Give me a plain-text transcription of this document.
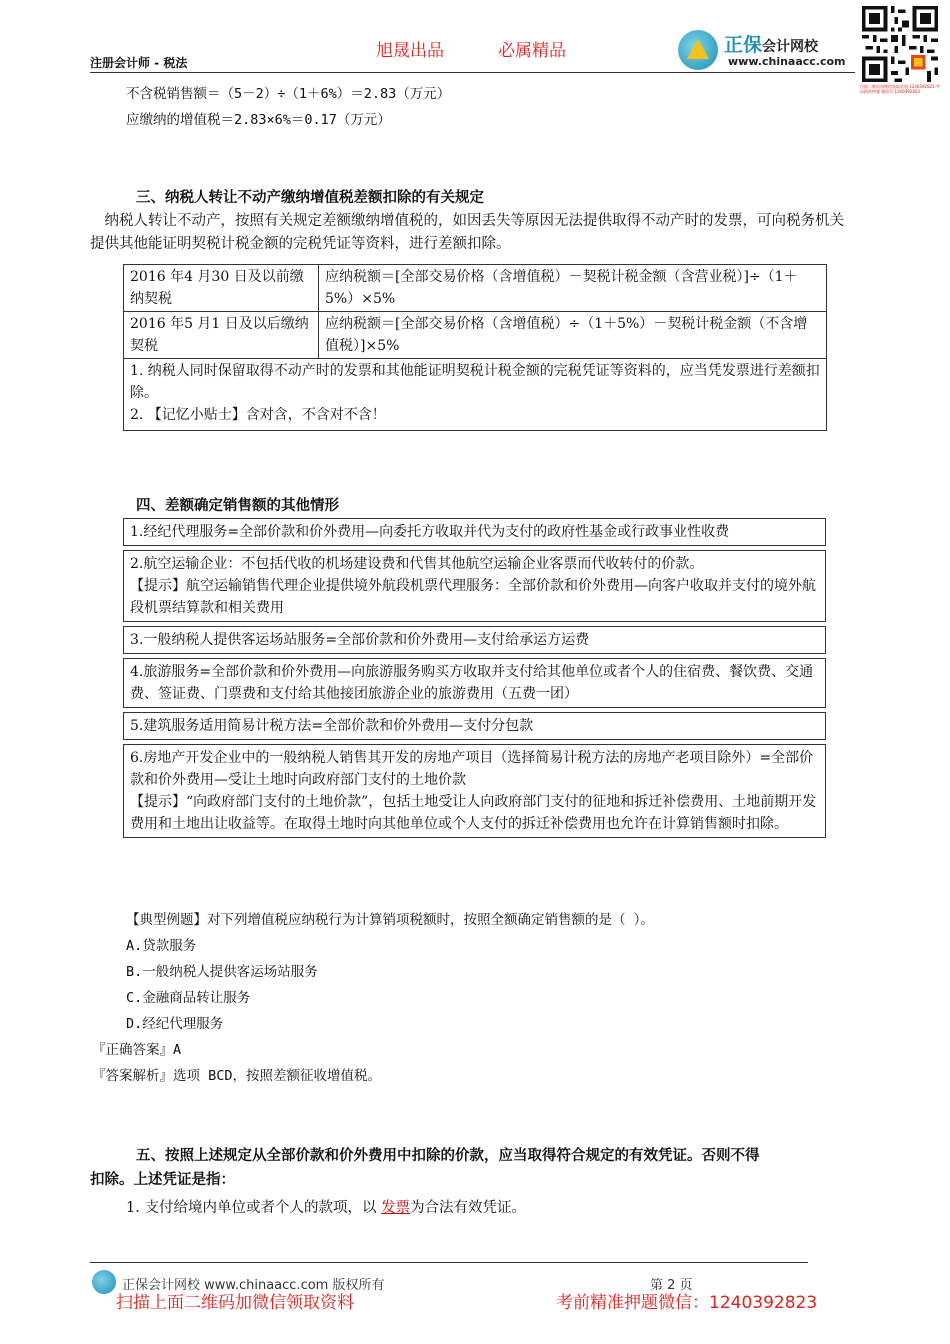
旭晟出品	必属精品
注册会计师 - 税法
正保会计网校
www.chinaacc.com
扫描二维码加微信领取资料 1240392823 考前精准押题 微信号 1240392823
不含税销售额＝（5－2）÷（1＋6%）＝2.83（万元）
应缴纳的增值税＝2.83×6%＝0.17（万元）
三、纳税人转让不动产缴纳增值税差额扣除的有关规定
纳税人转让不动产，按照有关规定差额缴纳增值税的，如因丢失等原因无法提供取得不动产时的发票，可向税务机关提供其他能证明契税计税金额的完税凭证等资料，进行差额扣除。
2016 年4 月30 日及以前缴纳契税	应纳税额＝[全部交易价格（含增值税）－契税计税金额（含营业税）]÷（1＋5%）×5%
2016 年5 月1 日及以后缴纳契税	应纳税额＝[全部交易价格（含增值税）÷（1＋5%）－契税计税金额（不含增值税）]×5%

1. 纳税人同时保留取得不动产时的发票和其他能证明契税计税金额的完税凭证等资料的，应当凭发票进行差额扣除。
2. 【记忆小贴士】含对含，不含对不含！	
四、差额确定销售额的其他情形
1.经纪代理服务=全部价款和价外费用—向委托方收取并代为支付的政府性基金或行政事业性收费
2.航空运输企业：不包括代收的机场建设费和代售其他航空运输企业客票而代收转付的价款。
【提示】航空运输销售代理企业提供境外航段机票代理服务：全部价款和价外费用—向客户收取并支付的境外航段机票结算款和相关费用
3.一般纳税人提供客运场站服务=全部价款和价外费用—支付给承运方运费
4.旅游服务=全部价款和价外费用—向旅游服务购买方收取并支付给其他单位或者个人的住宿费、餐饮费、交通费、签证费、门票费和支付给其他接团旅游企业的旅游费用（五费一团）
5.建筑服务适用简易计税方法=全部价款和价外费用—支付分包款
6.房地产开发企业中的一般纳税人销售其开发的房地产项目（选择简易计税方法的房地产老项目除外）=全部价款和价外费用—受让土地时向政府部门支付的土地价款
【提示】“向政府部门支付的土地价款”，包括土地受让人向政府部门支付的征地和拆迁补偿费用、土地前期开发费用和土地出让收益等。在取得土地时向其他单位或个人支付的拆迁补偿费用也允许在计算销售额时扣除。
【典型例题】对下列增值税应纳税行为计算销项税额时，按照全额确定销售额的是（ ）。
A.贷款服务
B.一般纳税人提供客运场站服务
C.金融商品转让服务
D.经纪代理服务
『正确答案』A
『答案解析』选项 BCD，按照差额征收增值税。
五、按照上述规定从全部价款和价外费用中扣除的价款，应当取得符合规定的有效凭证。否则不得
扣除。上述凭证是指：
1. 支付给境内单位或者个人的款项，以 发票为合法有效凭证。
正保会计网校 www.chinaacc.com 版权所有	第 2 页
扫描上面二维码加微信领取资料	考前精准押题微信：1240392823
